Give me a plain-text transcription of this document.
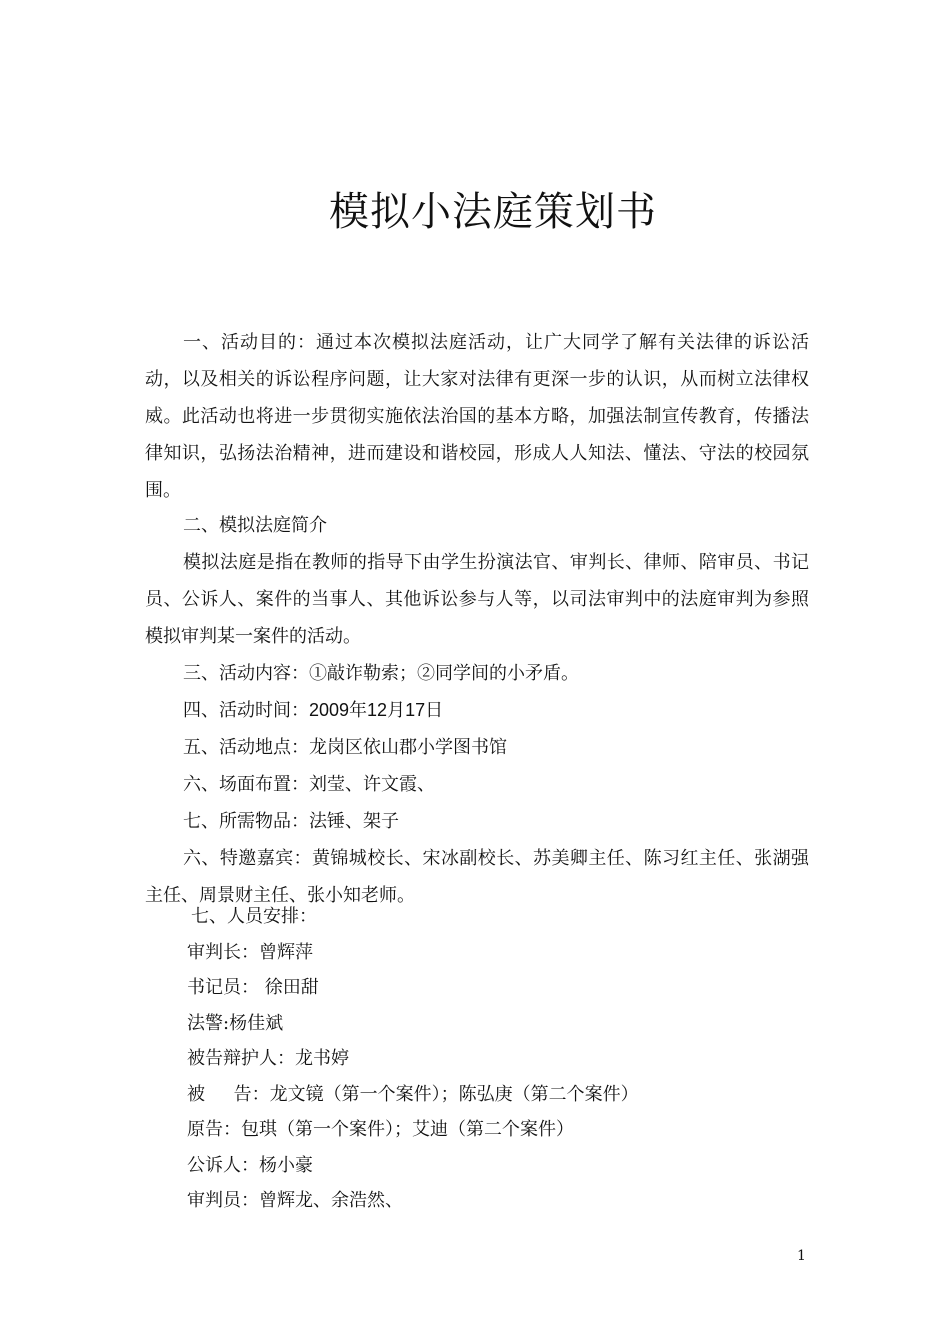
模拟小法庭策划书

一、活动目的：通过本次模拟法庭活动，让广大同学了解有关法律的诉讼活动，以及相关的诉讼程序问题，让大家对法律有更深一步的认识，从而树立法律权威。此活动也将进一步贯彻实施依法治国的基本方略，加强法制宣传教育，传播法律知识，弘扬法治精神，进而建设和谐校园，形成人人知法、懂法、守法的校园氛围。

二、模拟法庭简介

模拟法庭是指在教师的指导下由学生扮演法官、审判长、律师、陪审员、书记员、公诉人、案件的当事人、其他诉讼参与人等，以司法审判中的法庭审判为参照模拟审判某一案件的活动。

三、活动内容：①敲诈勒索；②同学间的小矛盾。

四、活动时间：2009年12月17日

五、活动地点：龙岗区依山郡小学图书馆

六、场面布置：刘莹、许文霞、

七、所需物品：法锤、架子

六、特邀嘉宾：黄锦城校长、宋冰副校长、苏美卿主任、陈习红主任、张湖强主任、周景财主任、张小知老师。

七、人员安排：

审判长：曾辉萍

书记员： 徐田甜

法警:杨佳斌

被告辩护人：龙书婷

被     告：龙文镜（第一个案件）；陈弘庚（第二个案件）

原告：包琪（第一个案件）；艾迪（第二个案件）

公诉人：杨小豪

审判员：曾辉龙、余浩然、

1
